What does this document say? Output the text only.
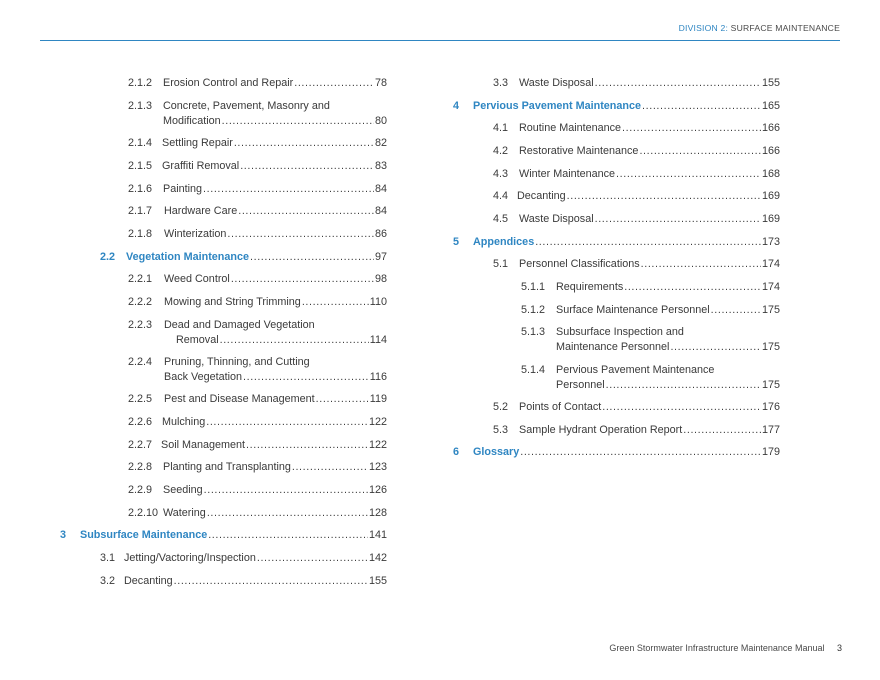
DIVISION 2: SURFACE MAINTENANCE
2.1.2	Erosion Control and Repair .....	78
2.1.3	Concrete, Pavement, Masonry and
Modification .....	80
2.1.4 Settling Repair .....	82
2.1.5 Graffiti Removal .....	83
2.1.6	Painting .....	84
2.1.7	Hardware Care .....	84
2.1.8	Winterization .....	86
2.2	Vegetation Maintenance .....	97
2.2.1	Weed Control .....	98
2.2.2	Mowing and String Trimming .....	110
2.2.3	Dead and Damaged Vegetation
Removal .....	114
2.2.4	Pruning, Thinning, and Cutting
Back Vegetation .....	116
2.2.5	Pest and Disease Management .....	119
2.2.6 Mulching .....	122
2.2.7 Soil Management .....	122
2.2.8	Planting and Transplanting .....	123
2.2.9	Seeding .....	126
2.2.10 Watering .....	128
3	Subsurface Maintenance .....	141
3.1 Jetting/Vactoring/Inspection .....	142
3.2 Decanting .....	155
3.3	Waste Disposal .....	155
4	Pervious Pavement Maintenance .....	165
4.1	Routine Maintenance .....	166
4.2	Restorative Maintenance .....	166
4.3	Winter Maintenance .....	168
4.4 Decanting .....	169
4.5	Waste Disposal .....	169
5	Appendices .....	173
5.1	Personnel Classifications .....	174
5.1.1	Requirements .....	174
5.1.2	Surface Maintenance Personnel .....	175
5.1.3	Subsurface Inspection and
Maintenance Personnel .....	175
5.1.4	Pervious Pavement Maintenance
Personnel .....	175
5.2	Points of Contact .....	176
5.3	Sample Hydrant Operation Report .....	177
6	Glossary .....	179
Green Stormwater Infrastructure Maintenance Manual 3
